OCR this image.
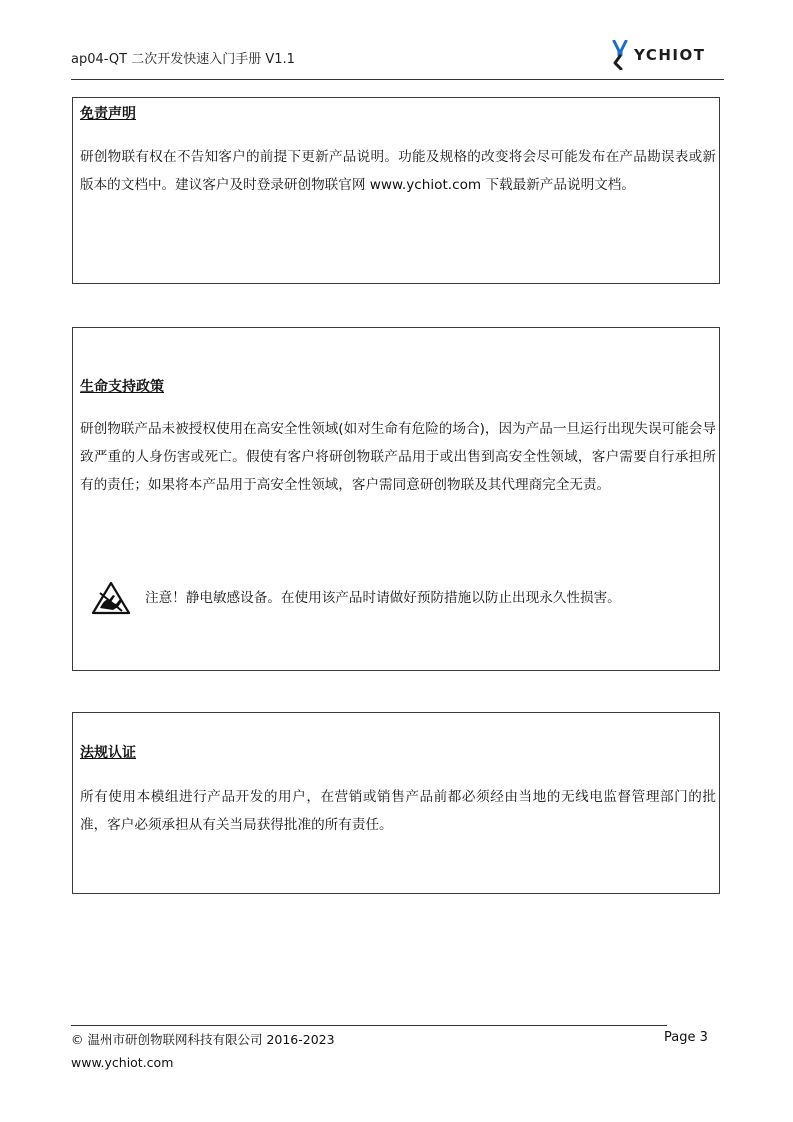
ap04-QT 二次开发快速入门手册 V1.1	YCHIOT
免责声明
研创物联有权在不告知客户的前提下更新产品说明。功能及规格的改变将会尽可能发布在产品勘误表或新版本的文档中。建议客户及时登录研创物联官网 www.ychiot.com 下载最新产品说明文档。
生命支持政策
研创物联产品未被授权使用在高安全性领域(如对生命有危险的场合)，因为产品一旦运行出现失误可能会导致严重的人身伤害或死亡。假使有客户将研创物联产品用于或出售到高安全性领域，客户需要自行承担所有的责任；如果将本产品用于高安全性领域，客户需同意研创物联及其代理商完全无责。
注意！静电敏感设备。在使用该产品时请做好预防措施以防止出现永久性损害。
法规认证
所有使用本模组进行产品开发的用户，在营销或销售产品前都必须经由当地的无线电监督管理部门的批准，客户必须承担从有关当局获得批准的所有责任。
© 温州市研创物联网科技有限公司 2016-2023
www.ychiot.com
Page 3
